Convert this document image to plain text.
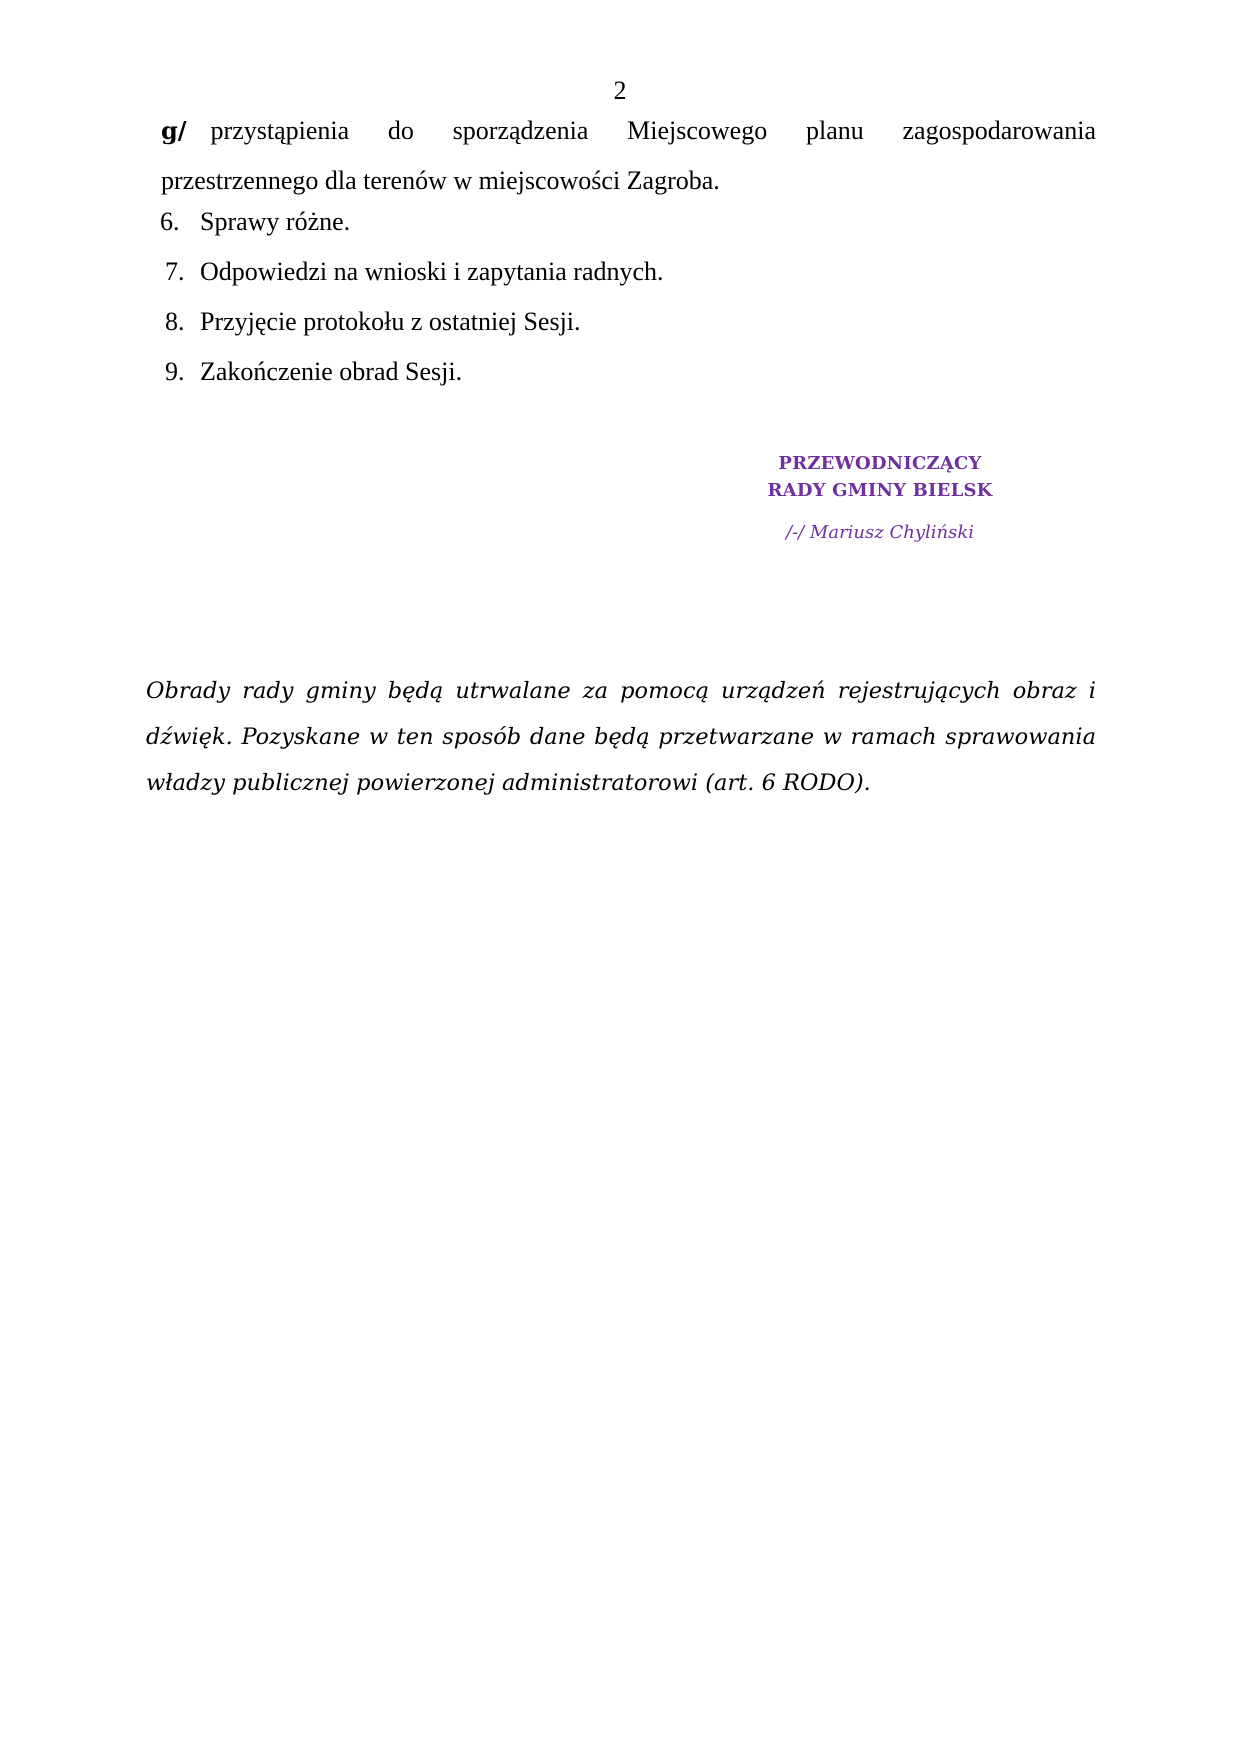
2
g/ przystąpienia do sporządzenia Miejscowego planu zagospodarowania przestrzennego dla terenów w miejscowości Zagroba.
6. Sprawy różne.
7. Odpowiedzi na wnioski i zapytania radnych.
8. Przyjęcie protokołu z ostatniej Sesji.
9. Zakończenie obrad Sesji.
PRZEWODNICZĄCY
RADY GMINY BIELSK
/-/ Mariusz Chyliński
Obrady rady gminy będą utrwalane za pomocą urządzeń rejestrujących obraz i dźwięk. Pozyskane w ten sposób dane będą przetwarzane w ramach sprawowania władzy publicznej powierzonej administratorowi (art. 6 RODO).
